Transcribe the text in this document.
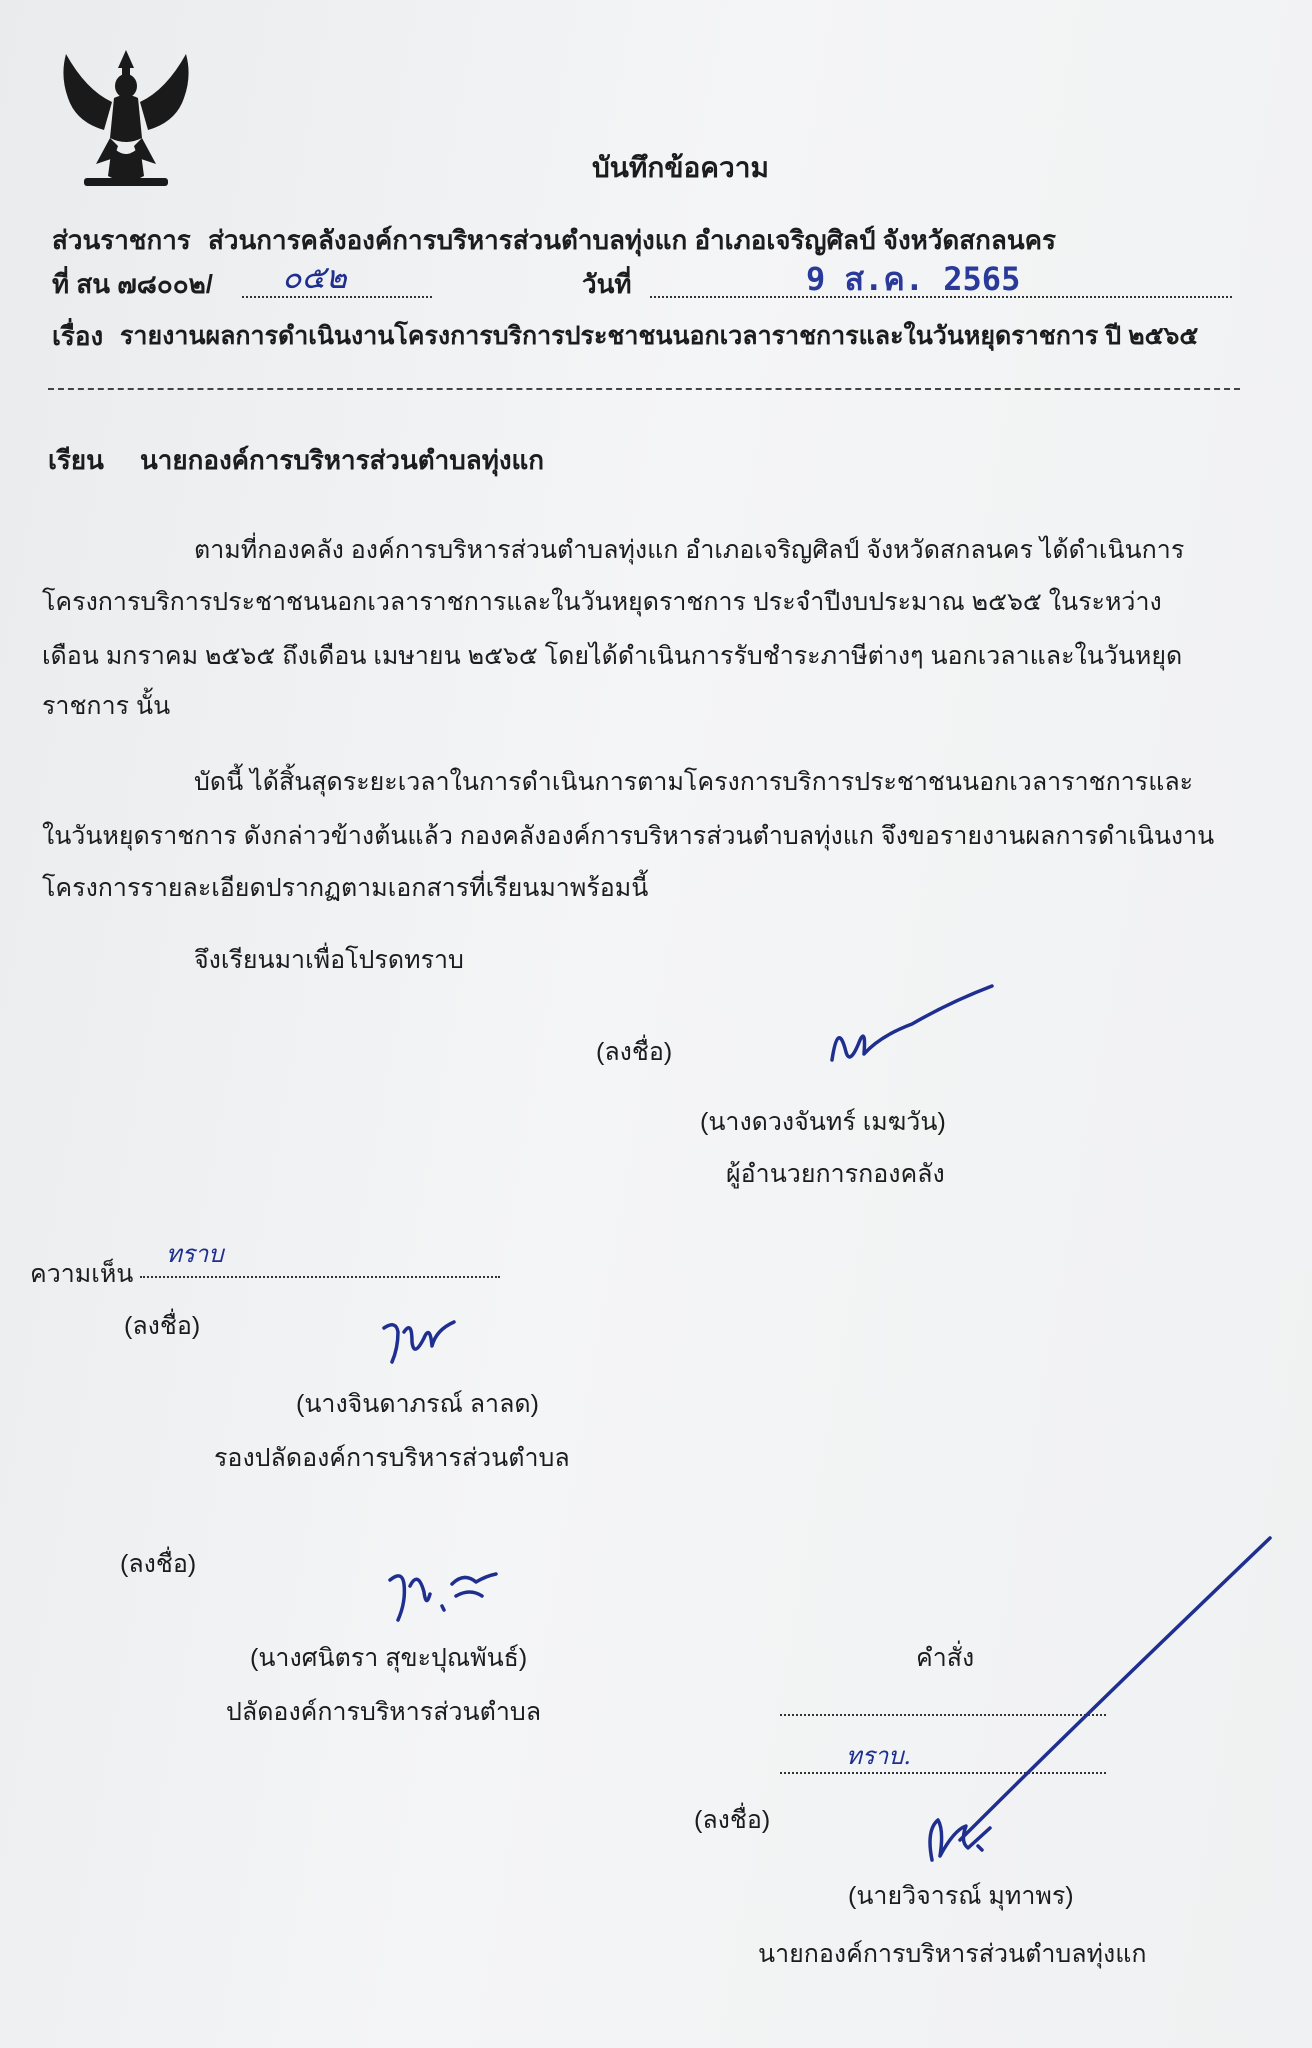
บันทึกข้อความ
ส่วนราชการ ส่วนการคลังองค์การบริหารส่วนตำบลทุ่งแก อำเภอเจริญศิลป์ จังหวัดสกลนคร
ที่ สน ๗๘๐๐๒/ ๐๕๒	วันที่	9 ส.ค. 2565
เรื่อง รายงานผลการดำเนินงานโครงการบริการประชาชนนอกเวลาราชการและในวันหยุดราชการ ปี ๒๕๖๕
เรียน นายกองค์การบริหารส่วนตำบลทุ่งแก
ตามที่กองคลัง องค์การบริหารส่วนตำบลทุ่งแก อำเภอเจริญศิลป์ จังหวัดสกลนคร ได้ดำเนินการ
โครงการบริการประชาชนนอกเวลาราชการและในวันหยุดราชการ ประจำปีงบประมาณ ๒๕๖๕ ในระหว่าง
เดือน มกราคม ๒๕๖๕ ถึงเดือน เมษายน ๒๕๖๕ โดยได้ดำเนินการรับชำระภาษีต่างๆ นอกเวลาและในวันหยุด
ราชการ นั้น
บัดนี้ ได้สิ้นสุดระยะเวลาในการดำเนินการตามโครงการบริการประชาชนนอกเวลาราชการและ
ในวันหยุดราชการ ดังกล่าวข้างต้นแล้ว กองคลังองค์การบริหารส่วนตำบลทุ่งแก จึงขอรายงานผลการดำเนินงาน
โครงการรายละเอียดปรากฏตามเอกสารที่เรียนมาพร้อมนี้
จึงเรียนมาเพื่อโปรดทราบ
(ลงชื่อ)
(นางดวงจันทร์ เมฆวัน)
ผู้อำนวยการกองคลัง
ความเห็น
ทราบ
(ลงชื่อ)
(นางจินดาภรณ์ ลาลด)
รองปลัดองค์การบริหารส่วนตำบล
(ลงชื่อ)
(นางศนิตรา สุขะปุณพันธ์)
ปลัดองค์การบริหารส่วนตำบล
คำสั่ง
ทราบ.
(ลงชื่อ)
(นายวิจารณ์ มุทาพร)
นายกองค์การบริหารส่วนตำบลทุ่งแก
